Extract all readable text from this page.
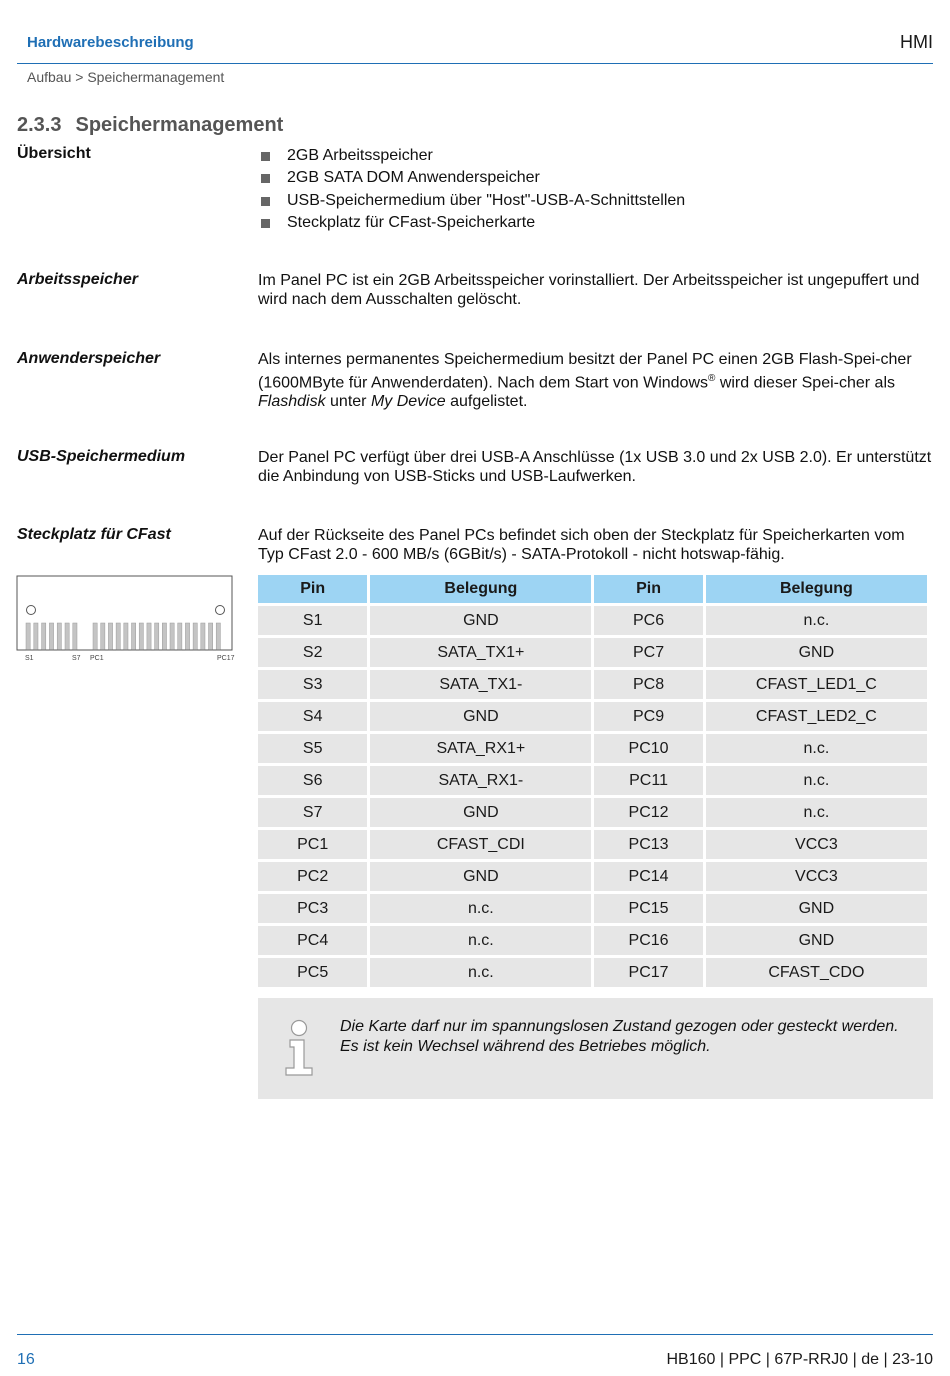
Hardwarebeschreibung	HMI
Aufbau > Speichermanagement
2.3.3 Speichermanagement
Übersicht	2GB Arbeitsspeicher
2GB SATA DOM Anwenderspeicher
USB-Speichermedium über "Host"-USB-A-Schnittstellen
Steckplatz für CFast-Speicherkarte
Arbeitsspeicher	Im Panel PC ist ein 2GB Arbeitsspeicher vorinstalliert. Der Arbeitsspeicher ist ungepuffert und wird nach dem Ausschalten gelöscht.
Anwenderspeicher	Als internes permanentes Speichermedium besitzt der Panel PC einen 2GB Flash-Spei-cher (1600MByte für Anwenderdaten). Nach dem Start von Windows® wird dieser Spei-cher als Flashdisk unter My Device aufgelistet.
USB-Speichermedium	Der Panel PC verfügt über drei USB-A Anschlüsse (1x USB 3.0 und 2x USB 2.0). Er unterstützt die Anbindung von USB-Sticks und USB-Laufwerken.
Steckplatz für CFast	Auf der Rückseite des Panel PCs befindet sich oben der Steckplatz für Speicherkarten vom Typ CFast 2.0 - 600 MB/s (6GBit/s) - SATA-Protokoll - nicht hotswap-fähig.
S1	S7 PC1	PC17
Pin	Belegung	Pin	Belegung
S1	GND	PC6	n.c.
S2	SATA_TX1+	PC7	GND
S3	SATA_TX1-	PC8	CFAST_LED1_C
S4	GND	PC9	CFAST_LED2_C
S5	SATA_RX1+	PC10	n.c.
S6	SATA_RX1-	PC11	n.c.
S7	GND	PC12	n.c.
PC1	CFAST_CDI	PC13	VCC3
PC2	GND	PC14	VCC3
PC3	n.c.	PC15	GND
PC4	n.c.	PC16	GND
PC5	n.c.	PC17	CFAST_CDO
Die Karte darf nur im spannungslosen Zustand gezogen oder gesteckt werden. Es ist kein Wechsel während des Betriebes möglich.
16	HB160 | PPC | 67P-RRJ0 | de | 23-10
